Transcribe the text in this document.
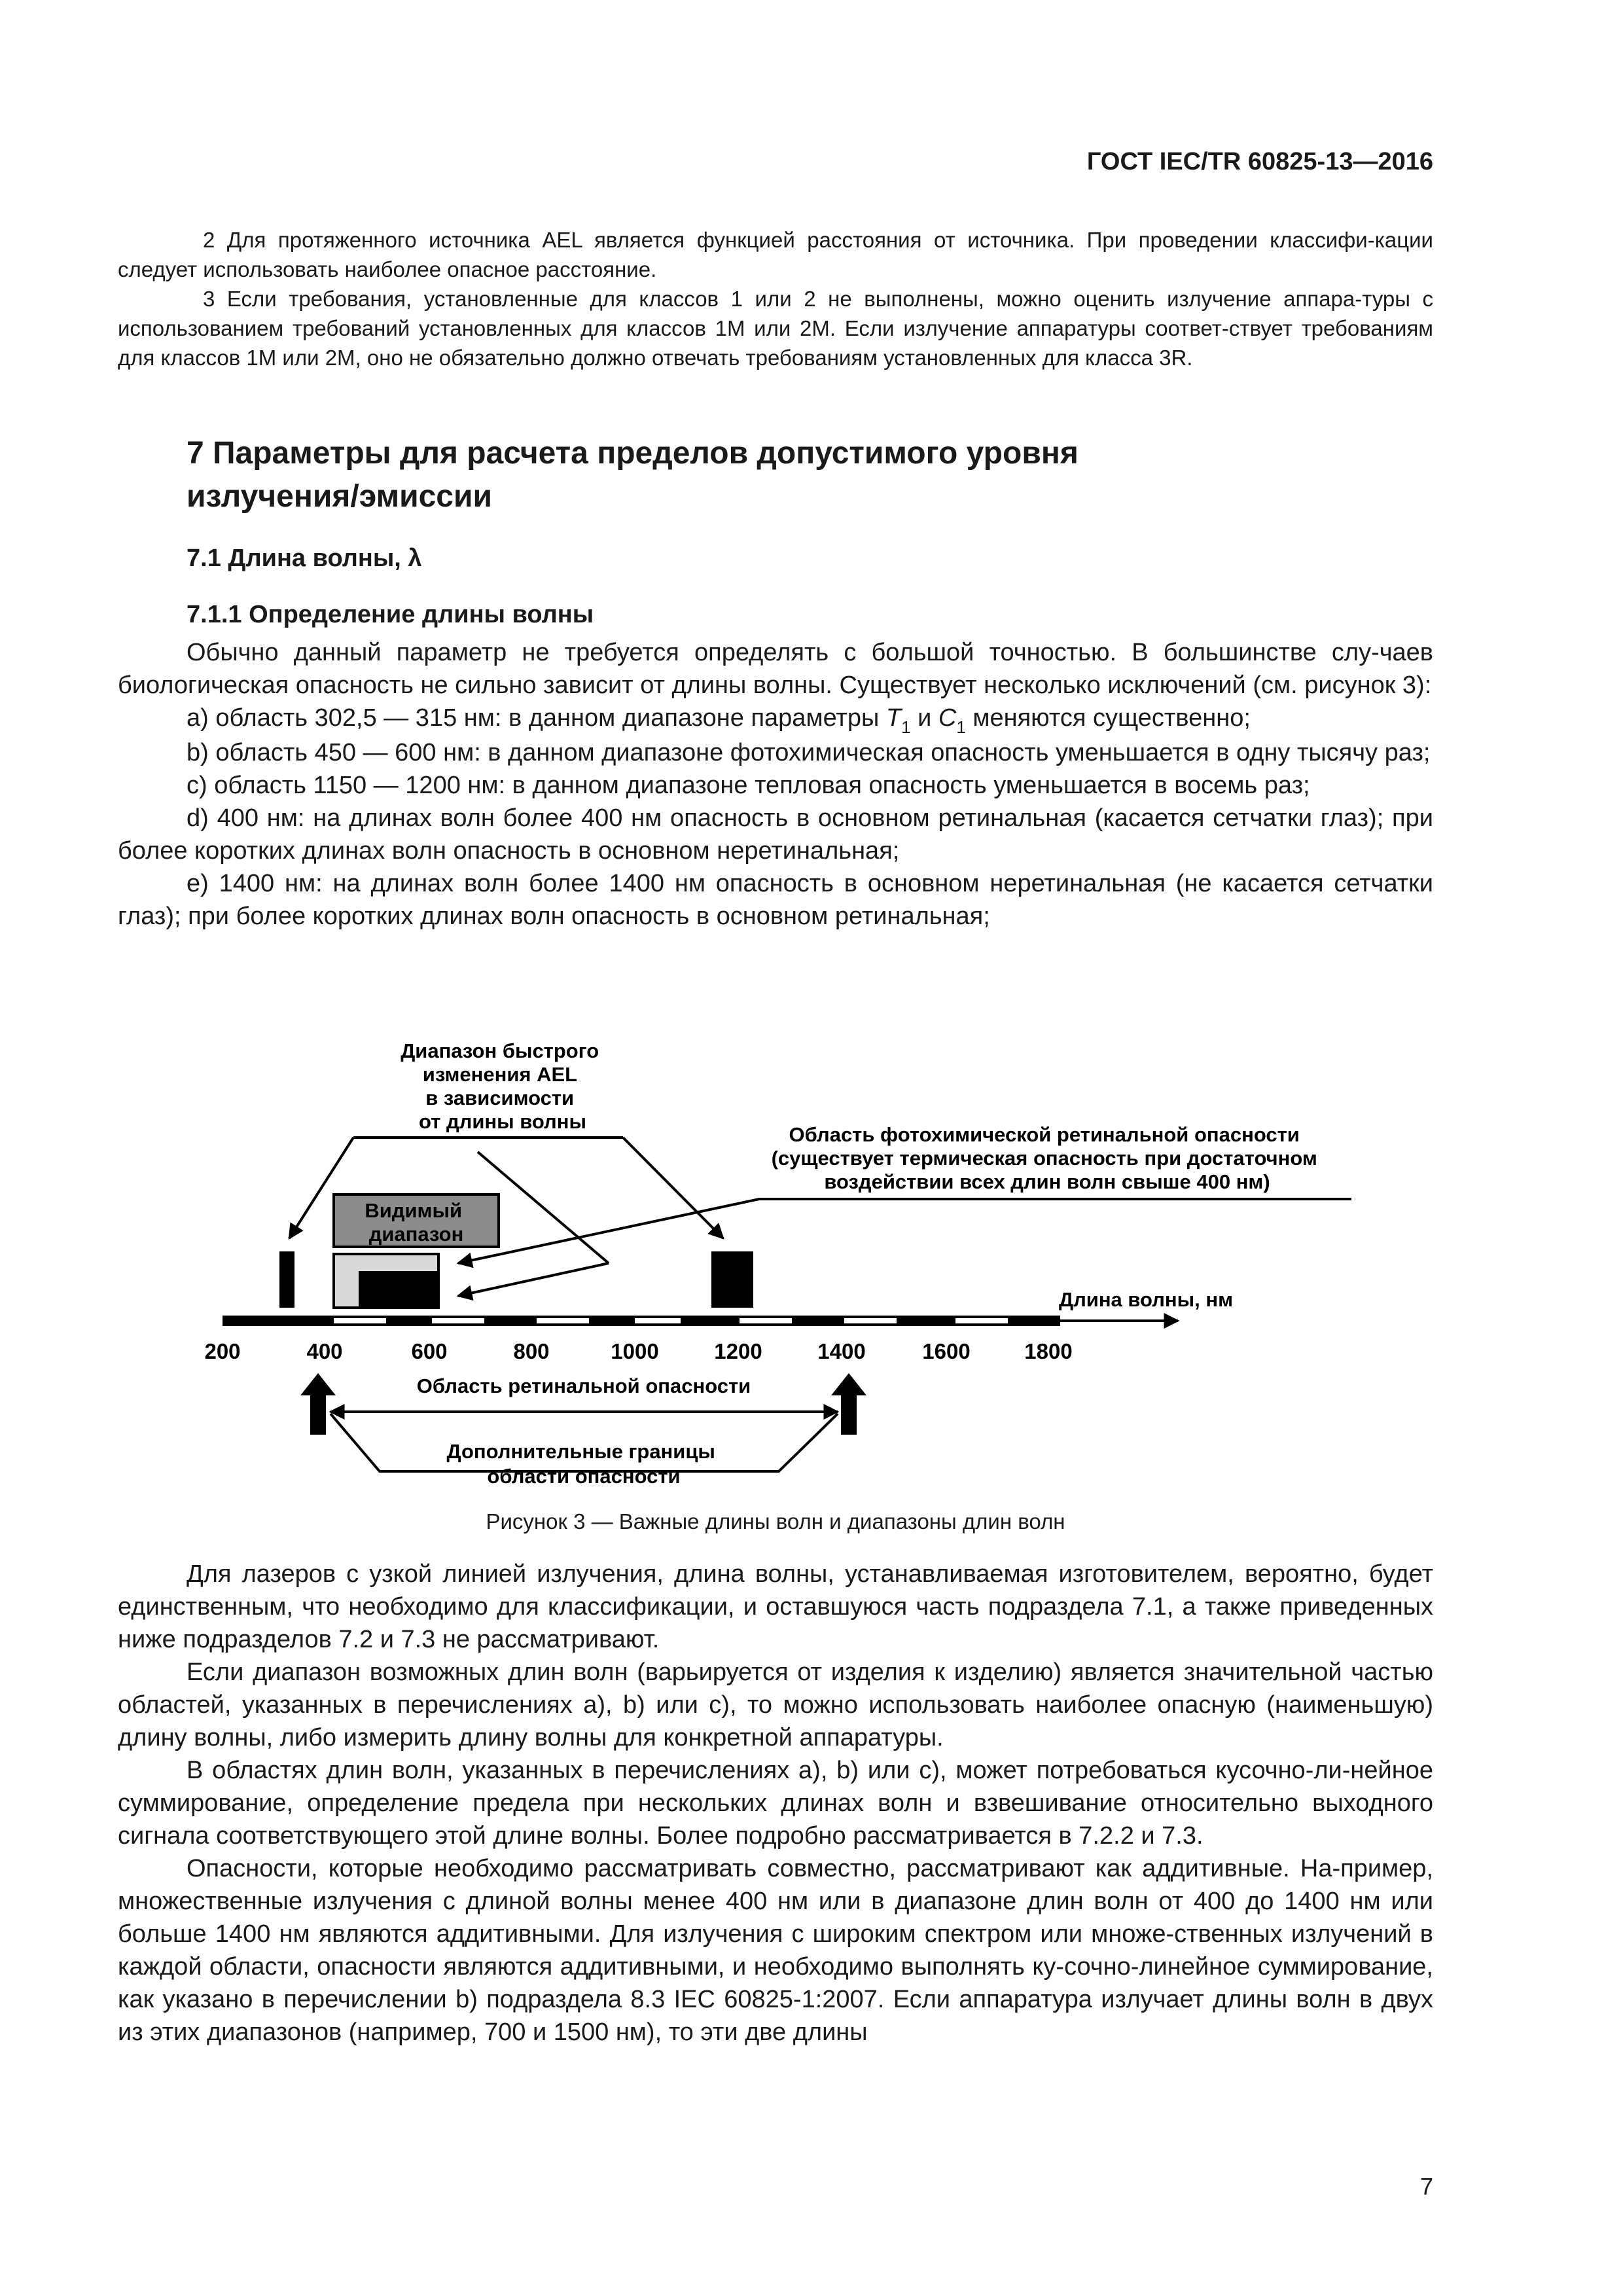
ГОСТ IEC/TR 60825-13—2016

2 Для протяженного источника AEL является функцией расстояния от источника. При проведении классифи-кации следует использовать наиболее опасное расстояние.

3 Если требования, установленные для классов 1 или 2 не выполнены, можно оценить излучение аппара-туры с использованием требований установленных для классов 1М или 2М. Если излучение аппаратуры соответ-ствует требованиям для классов 1М или 2М, оно не обязательно должно отвечать требованиям установленных для класса 3R.

7 Параметры для расчета пределов допустимого уровня
излучения/эмиссии
7.1 Длина волны, λ
7.1.1 Определение длины волны

Обычно данный параметр не требуется определять с большой точностью. В большинстве слу-чаев биологическая опасность не сильно зависит от длины волны. Существует несколько исключений (см. рисунок 3):

a) область 302,5 — 315 нм: в данном диапазоне параметры $T_1$ и $C_1$ меняются существенно;

b) область 450 — 600 нм: в данном диапазоне фотохимическая опасность уменьшается в одну тысячу раз;

c) область 1150 — 1200 нм: в данном диапазоне тепловая опасность уменьшается в восемь раз;

d) 400 нм: на длинах волн более 400 нм опасность в основном ретинальная (касается сетчатки глаз); при более коротких длинах волн опасность в основном неретинальная;

e) 1400 нм: на длинах волн более 1400 нм опасность в основном неретинальная (не касается сетчатки глаз); при более коротких длинах волн опасность в основном ретинальная;

Диапазон быстрого изменения AEL в зависимости от длины волны
Область фотохимической ретинальной опасности (существует термическая опасность при достаточном воздействии всех длин волн свыше 400 нм)
Видимый диапазон
Длина волны, нм
200	400	600	800	1000	1200	1400	1600	1800
Область ретинальной опасности
Дополнительные границы области опасности
Рисунок 3 — Важные длины волн и диапазоны длин волн

Для лазеров с узкой линией излучения, длина волны, устанавливаемая изготовителем, вероятно, будет единственным, что необходимо для классификации, и оставшуюся часть подраздела 7.1, а также приведенных ниже подразделов 7.2 и 7.3 не рассматривают.

Если диапазон возможных длин волн (варьируется от изделия к изделию) является значительной частью областей, указанных в перечислениях a), b) или c), то можно использовать наиболее опасную (наименьшую) длину волны, либо измерить длину волны для конкретной аппаратуры.

В областях длин волн, указанных в перечислениях a), b) или c), может потребоваться кусочно-ли-нейное суммирование, определение предела при нескольких длинах волн и взвешивание относительно выходного сигнала соответствующего этой длине волны. Более подробно рассматривается в 7.2.2 и 7.3.

Опасности, которые необходимо рассматривать совместно, рассматривают как аддитивные. На-пример, множественные излучения с длиной волны менее 400 нм или в диапазоне длин волн от 400 до 1400 нм или больше 1400 нм являются аддитивными. Для излучения с широким спектром или множе-ственных излучений в каждой области, опасности являются аддитивными, и необходимо выполнять ку-сочно-линейное суммирование, как указано в перечислении b) подраздела 8.3 IEC 60825-1:2007. Если аппаратура излучает длины волн в двух из этих диапазонов (например, 700 и 1500 нм), то эти две длины

7
